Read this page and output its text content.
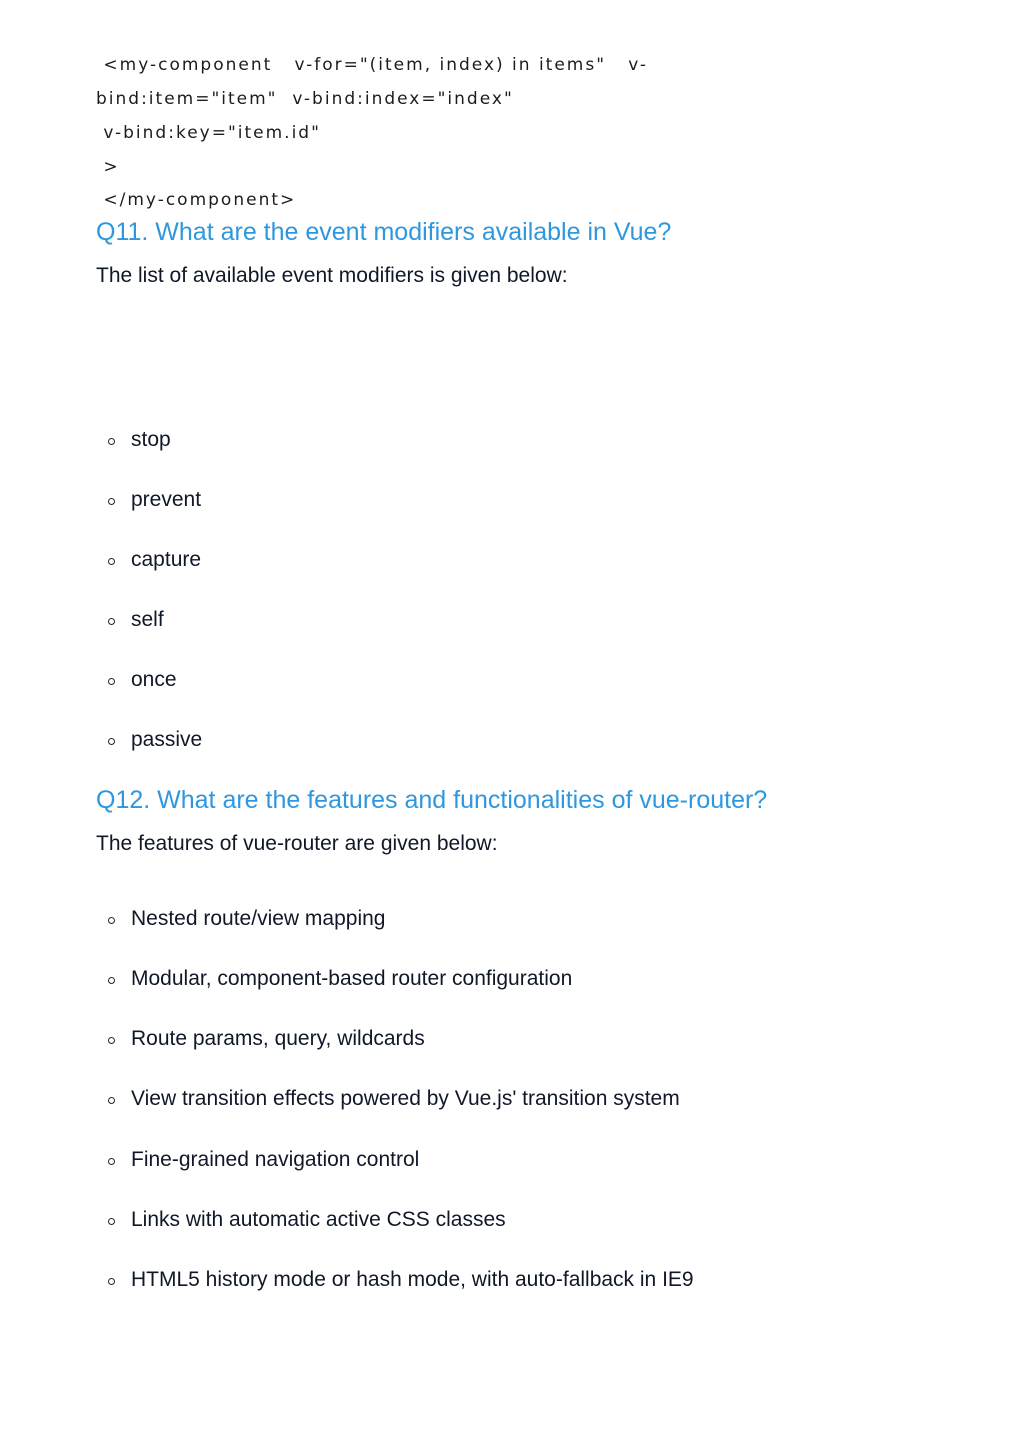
<my-component   v-for="(item, index) in items"   v-
bind:item="item"  v-bind:index="index"
v-bind:key="item.id"
>
</my-component>
Q11. What are the event modifiers available in Vue?

The list of available event modifiers is given below:

stop
prevent
capture
self
once
passive
Q12. What are the features and functionalities of vue-router?

The features of vue-router are given below:

Nested route/view mapping
Modular, component-based router configuration
Route params, query, wildcards
View transition effects powered by Vue.js' transition system
Fine-grained navigation control
Links with automatic active CSS classes
HTML5 history mode or hash mode, with auto-fallback in IE9
